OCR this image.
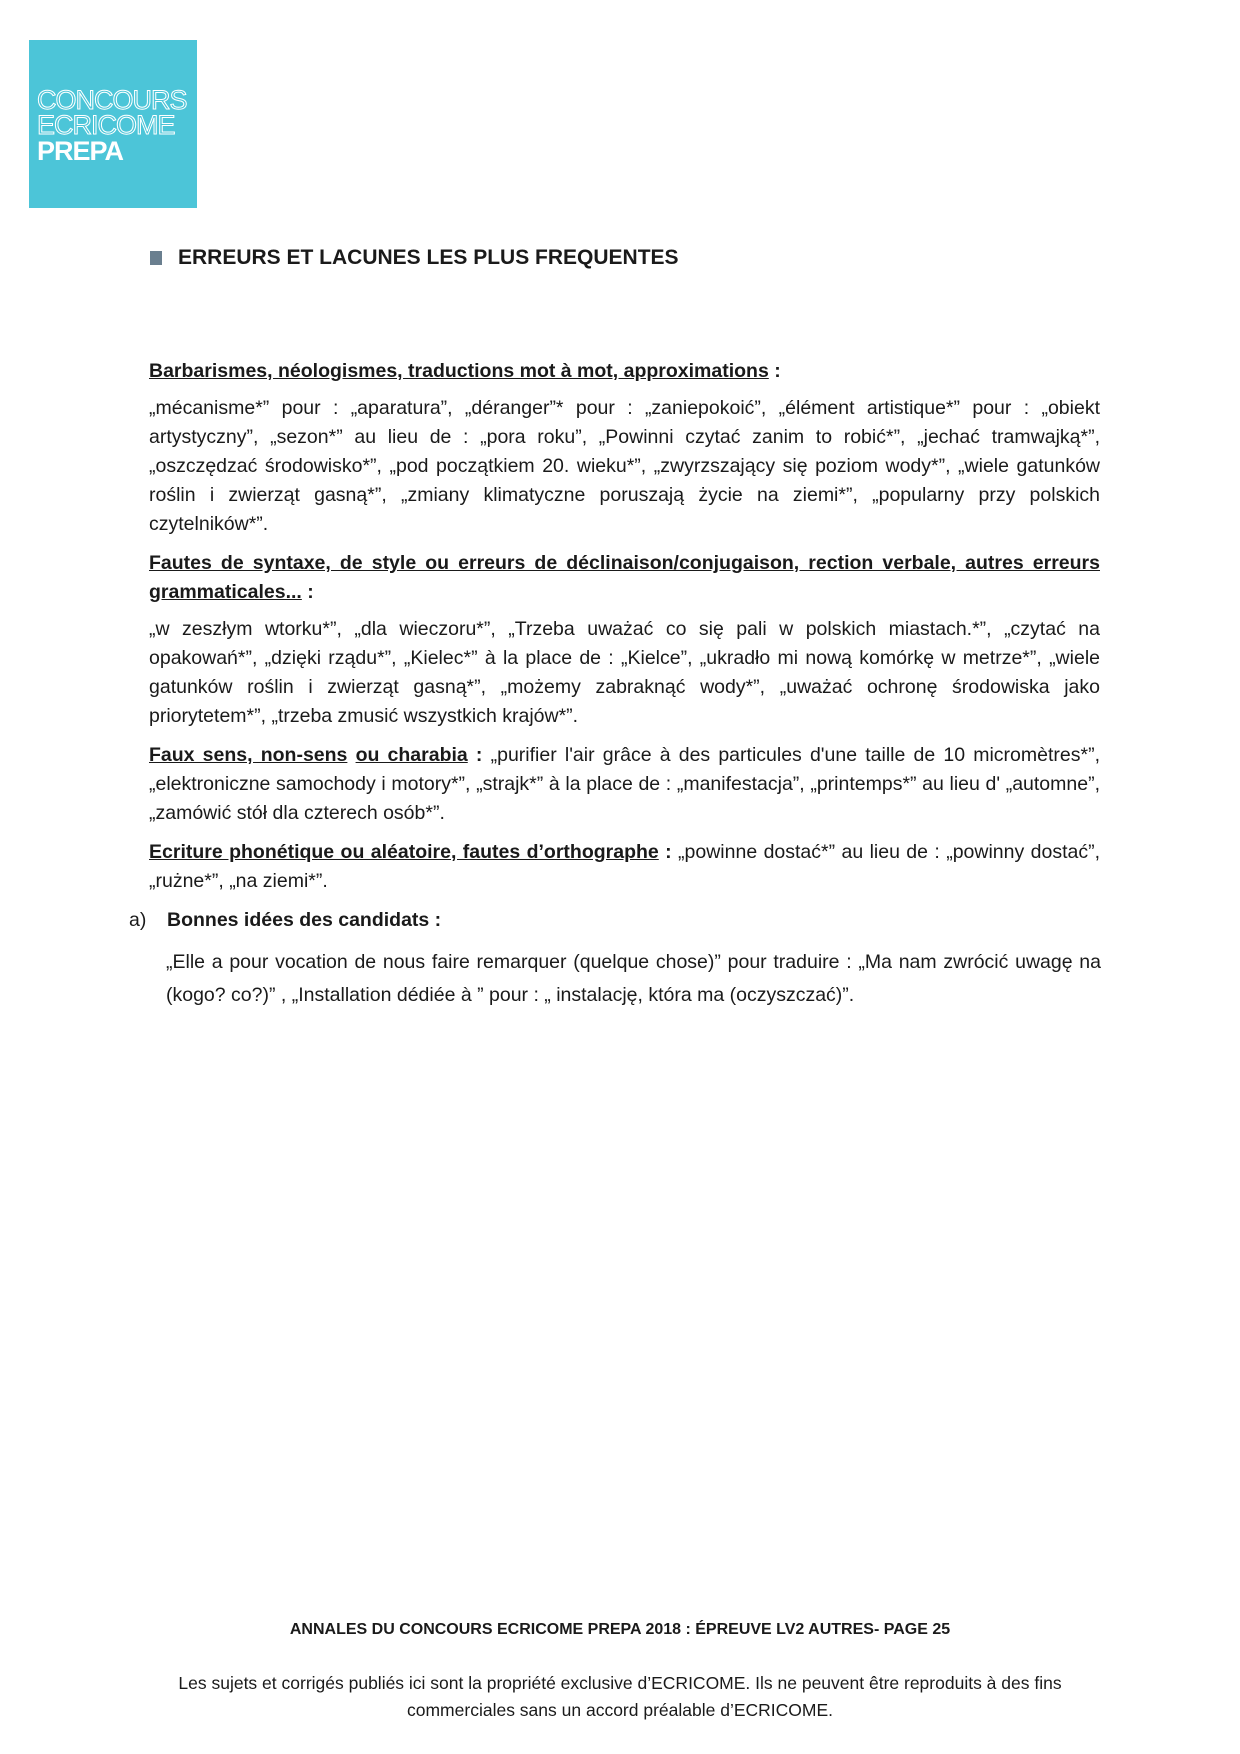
CONCOURS
ECRICOME
PREPA
ERREURS ET LACUNES LES PLUS FREQUENTES

Barbarismes, néologismes, traductions mot à mot, approximations :

„mécanisme*” pour : „aparatura”, „déranger”* pour : „zaniepokoić”, „élément artistique*” pour : „obiekt artystyczny”, „sezon*” au lieu de : „pora roku”, „Powinni czytać zanim to robić*”, „jechać tramwajką*”, „oszczędzać środowisko*”, „pod początkiem 20. wieku*”, „zwyrzszający się poziom wody*”, „wiele gatunków roślin i zwierząt gasną*”, „zmiany klimatyczne poruszają życie na ziemi*”, „popularny przy polskich czytelników*”.

Fautes de syntaxe, de style ou erreurs de déclinaison/conjugaison, rection verbale, autres erreurs grammaticales... :

„w zeszłym wtorku*”, „dla wieczoru*”, „Trzeba uważać co się pali w polskich miastach.*”, „czytać na opakowań*”, „dzięki rządu*”, „Kielec*” à la place de : „Kielce”, „ukradło mi nową komórkę w metrze*”, „wiele gatunków roślin i zwierząt gasną*”, „możemy zabraknąć wody*”, „uważać ochronę środowiska jako priorytetem*”, „trzeba zmusić wszystkich krajów*”.

Faux sens, non-sens ou charabia : „purifier l'air grâce à des particules d'une taille de 10 micromètres*”, „elektroniczne samochody i motory*”, „strajk*” à la place de : „manifestacja”, „printemps*” au lieu d' „automne”, „zamówić stół dla czterech osób*”.

Ecriture phonétique ou aléatoire, fautes d’orthographe : „powinne dostać*” au lieu de : „powinny dostać”, „rużne*”, „na ziemi*”.

a) Bonnes idées des candidats :
„Elle a pour vocation de nous faire remarquer (quelque chose)” pour traduire : „Ma nam zwrócić uwagę na (kogo? co?)” , „Installation dédiée à ” pour : „ instalację, która ma (oczyszczać)”.
ANNALES DU CONCOURS ECRICOME PREPA 2018 : ÉPREUVE LV2 AUTRES- PAGE 25
Les sujets et corrigés publiés ici sont la propriété exclusive d’ECRICOME. Ils ne peuvent être reproduits à des fins commerciales sans un accord préalable d’ECRICOME.
